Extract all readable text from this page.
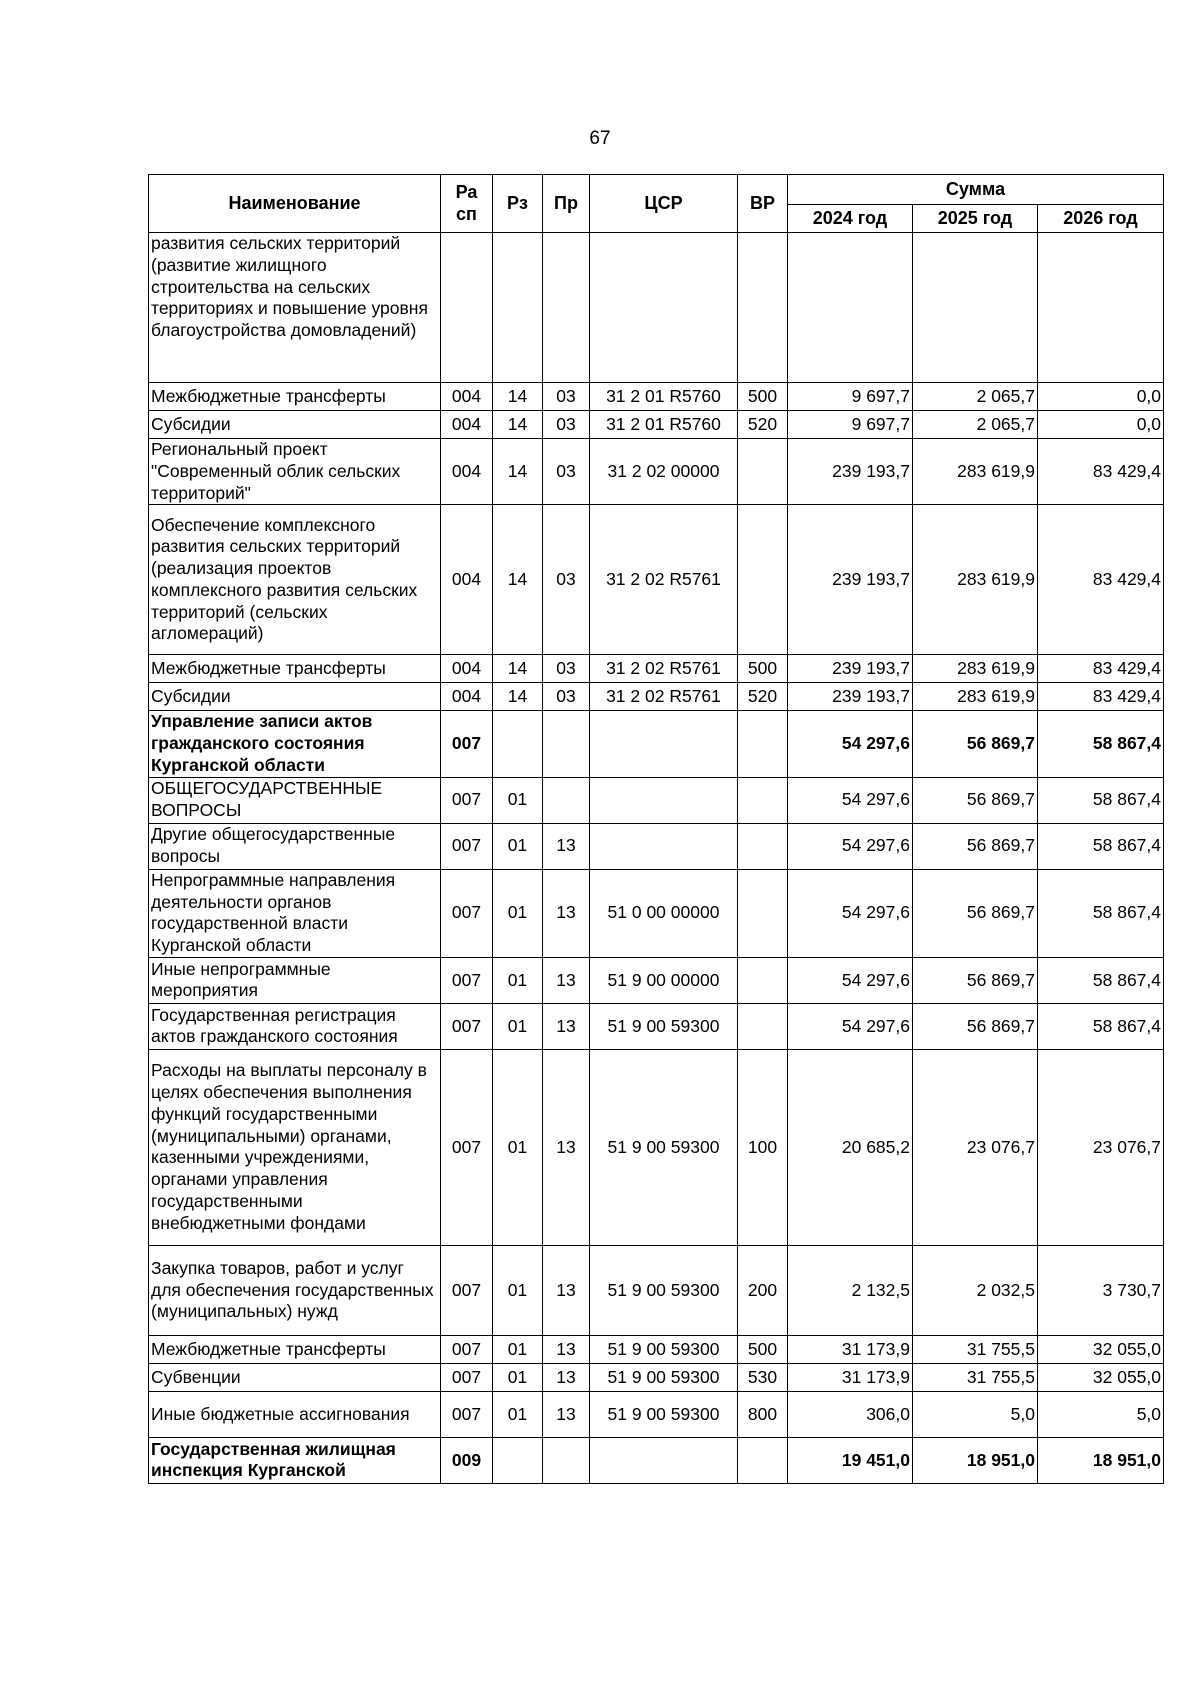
67
Наименование	Ра сп	Рз	Пр	ЦСР	ВР	Сумма		
						2024 год	2025 год	2026 год
развития сельских территорий (развитие жилищного строительства на сельских территориях и повышение уровня благоустройства домовладений)								
Межбюджетные трансферты	004	14	03	31 2 01 R5760	500	9 697,7	2 065,7	0,0
Субсидии	004	14	03	31 2 01 R5760	520	9 697,7	2 065,7	0,0
Региональный проект "Современный облик сельских территорий"	004	14	03	31 2 02 00000		239 193,7	283 619,9	83 429,4
Обеспечение комплексного развития сельских территорий (реализация проектов комплексного развития сельских территорий (сельских агломераций)	004	14	03	31 2 02 R5761		239 193,7	283 619,9	83 429,4
Межбюджетные трансферты	004	14	03	31 2 02 R5761	500	239 193,7	283 619,9	83 429,4
Субсидии	004	14	03	31 2 02 R5761	520	239 193,7	283 619,9	83 429,4
Управление записи актов гражданского состояния Курганской области	007					54 297,6	56 869,7	58 867,4
ОБЩЕГОСУДАРСТВЕННЫЕ ВОПРОСЫ	007	01				54 297,6	56 869,7	58 867,4
Другие общегосударственные вопросы	007	01	13			54 297,6	56 869,7	58 867,4
Непрограммные направления деятельности органов государственной власти Курганской области	007	01	13	51 0 00 00000		54 297,6	56 869,7	58 867,4
Иные непрограммные мероприятия	007	01	13	51 9 00 00000		54 297,6	56 869,7	58 867,4
Государственная регистрация актов гражданского состояния	007	01	13	51 9 00 59300		54 297,6	56 869,7	58 867,4
Расходы на выплаты персоналу в целях обеспечения выполнения функций государственными (муниципальными) органами, казенными учреждениями, органами управления государственными внебюджетными фондами	007	01	13	51 9 00 59300	100	20 685,2	23 076,7	23 076,7
Закупка товаров, работ и услуг для обеспечения государственных (муниципальных) нужд	007	01	13	51 9 00 59300	200	2 132,5	2 032,5	3 730,7
Межбюджетные трансферты	007	01	13	51 9 00 59300	500	31 173,9	31 755,5	32 055,0
Субвенции	007	01	13	51 9 00 59300	530	31 173,9	31 755,5	32 055,0
Иные бюджетные ассигнования	007	01	13	51 9 00 59300	800	306,0	5,0	5,0
Государственная жилищная инспекция Курганской	009					19 451,0	18 951,0	18 951,0
